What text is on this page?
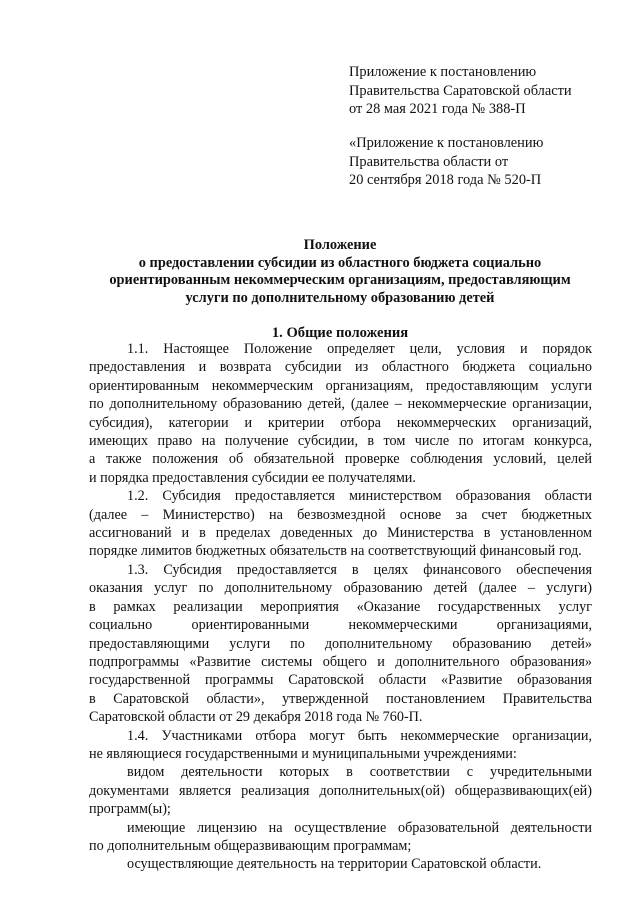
Приложение к постановлению
Правительства Саратовской области
от 28 мая 2021 года № 388-П
«Приложение к постановлению
Правительства области от
20 сентября 2018 года № 520-П
Положение
о предоставлении субсидии из областного бюджета социально
ориентированным некоммерческим организациям, предоставляющим
услуги по дополнительному образованию детей
1. Общие положения
1.1. Настоящее Положение определяет цели, условия и порядок
предоставления и возврата субсидии из областного бюджета социально
ориентированным некоммерческим организациям, предоставляющим услуги
по дополнительному образованию детей, (далее – некоммерческие организации,
субсидия), категории и критерии отбора некоммерческих организаций,
имеющих право на получение субсидии, в том числе по итогам конкурса,
а также положения об обязательной проверке соблюдения условий, целей
и порядка предоставления субсидии ее получателями.
1.2. Субсидия предоставляется министерством образования области
(далее – Министерство) на безвозмездной основе за счет бюджетных
ассигнований и в пределах доведенных до Министерства в установленном
порядке лимитов бюджетных обязательств на соответствующий финансовый год.
1.3. Субсидия предоставляется в целях финансового обеспечения
оказания услуг по дополнительному образованию детей (далее – услуги)
в рамках реализации мероприятия «Оказание государственных услуг
социально ориентированными некоммерческими организациями,
предоставляющими услуги по дополнительному образованию детей»
подпрограммы «Развитие системы общего и дополнительного образования»
государственной программы Саратовской области «Развитие образования
в Саратовской области», утвержденной постановлением Правительства
Саратовской области от 29 декабря 2018 года № 760-П.
1.4. Участниками отбора могут быть некоммерческие организации,
не являющиеся государственными и муниципальными учреждениями:
видом деятельности которых в соответствии с учредительными
документами является реализация дополнительных(ой) общеразвивающих(ей)
программ(ы);
имеющие лицензию на осуществление образовательной деятельности
по дополнительным общеразвивающим программам;
осуществляющие деятельность на территории Саратовской области.
